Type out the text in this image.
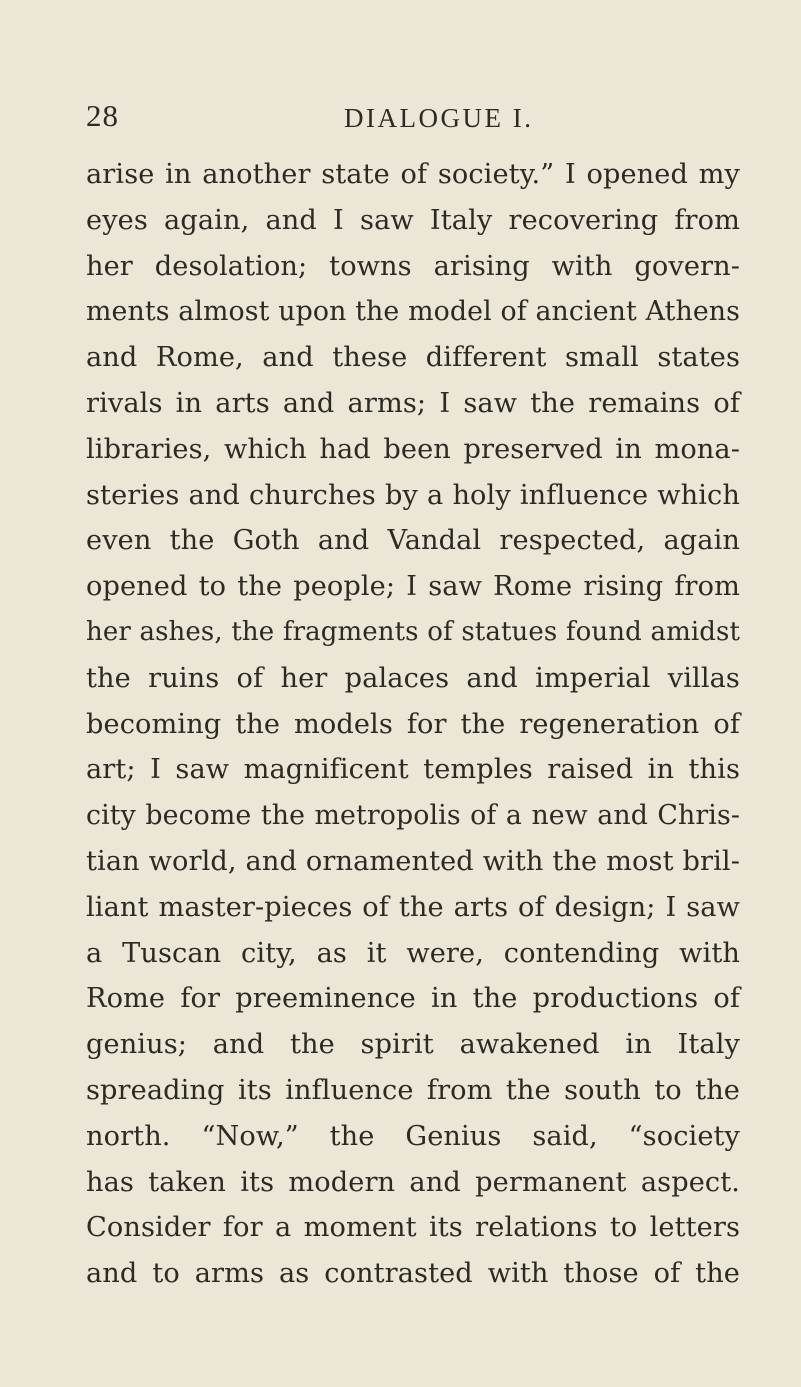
28	DIALOGUE I.
arise in another state of society.” I opened my
eyes again, and I saw Italy recovering from
her desolation; towns arising with govern-
ments almost upon the model of ancient Athens
and Rome, and these different small states
rivals in arts and arms; I saw the remains of
libraries, which had been preserved in mona-
steries and churches by a holy influence which
even the Goth and Vandal respected, again
opened to the people; I saw Rome rising from
her ashes, the fragments of statues found amidst
the ruins of her palaces and imperial villas
becoming the models for the regeneration of
art; I saw magnificent temples raised in this
city become the metropolis of a new and Chris-
tian world, and ornamented with the most bril-
liant master-pieces of the arts of design; I saw
a Tuscan city, as it were, contending with
Rome for preeminence in the productions of
genius; and the spirit awakened in Italy
spreading its influence from the south to the
north. “Now,” the Genius said, “society
has taken its modern and permanent aspect.
Consider for a moment its relations to letters
and to arms as contrasted with those of the
